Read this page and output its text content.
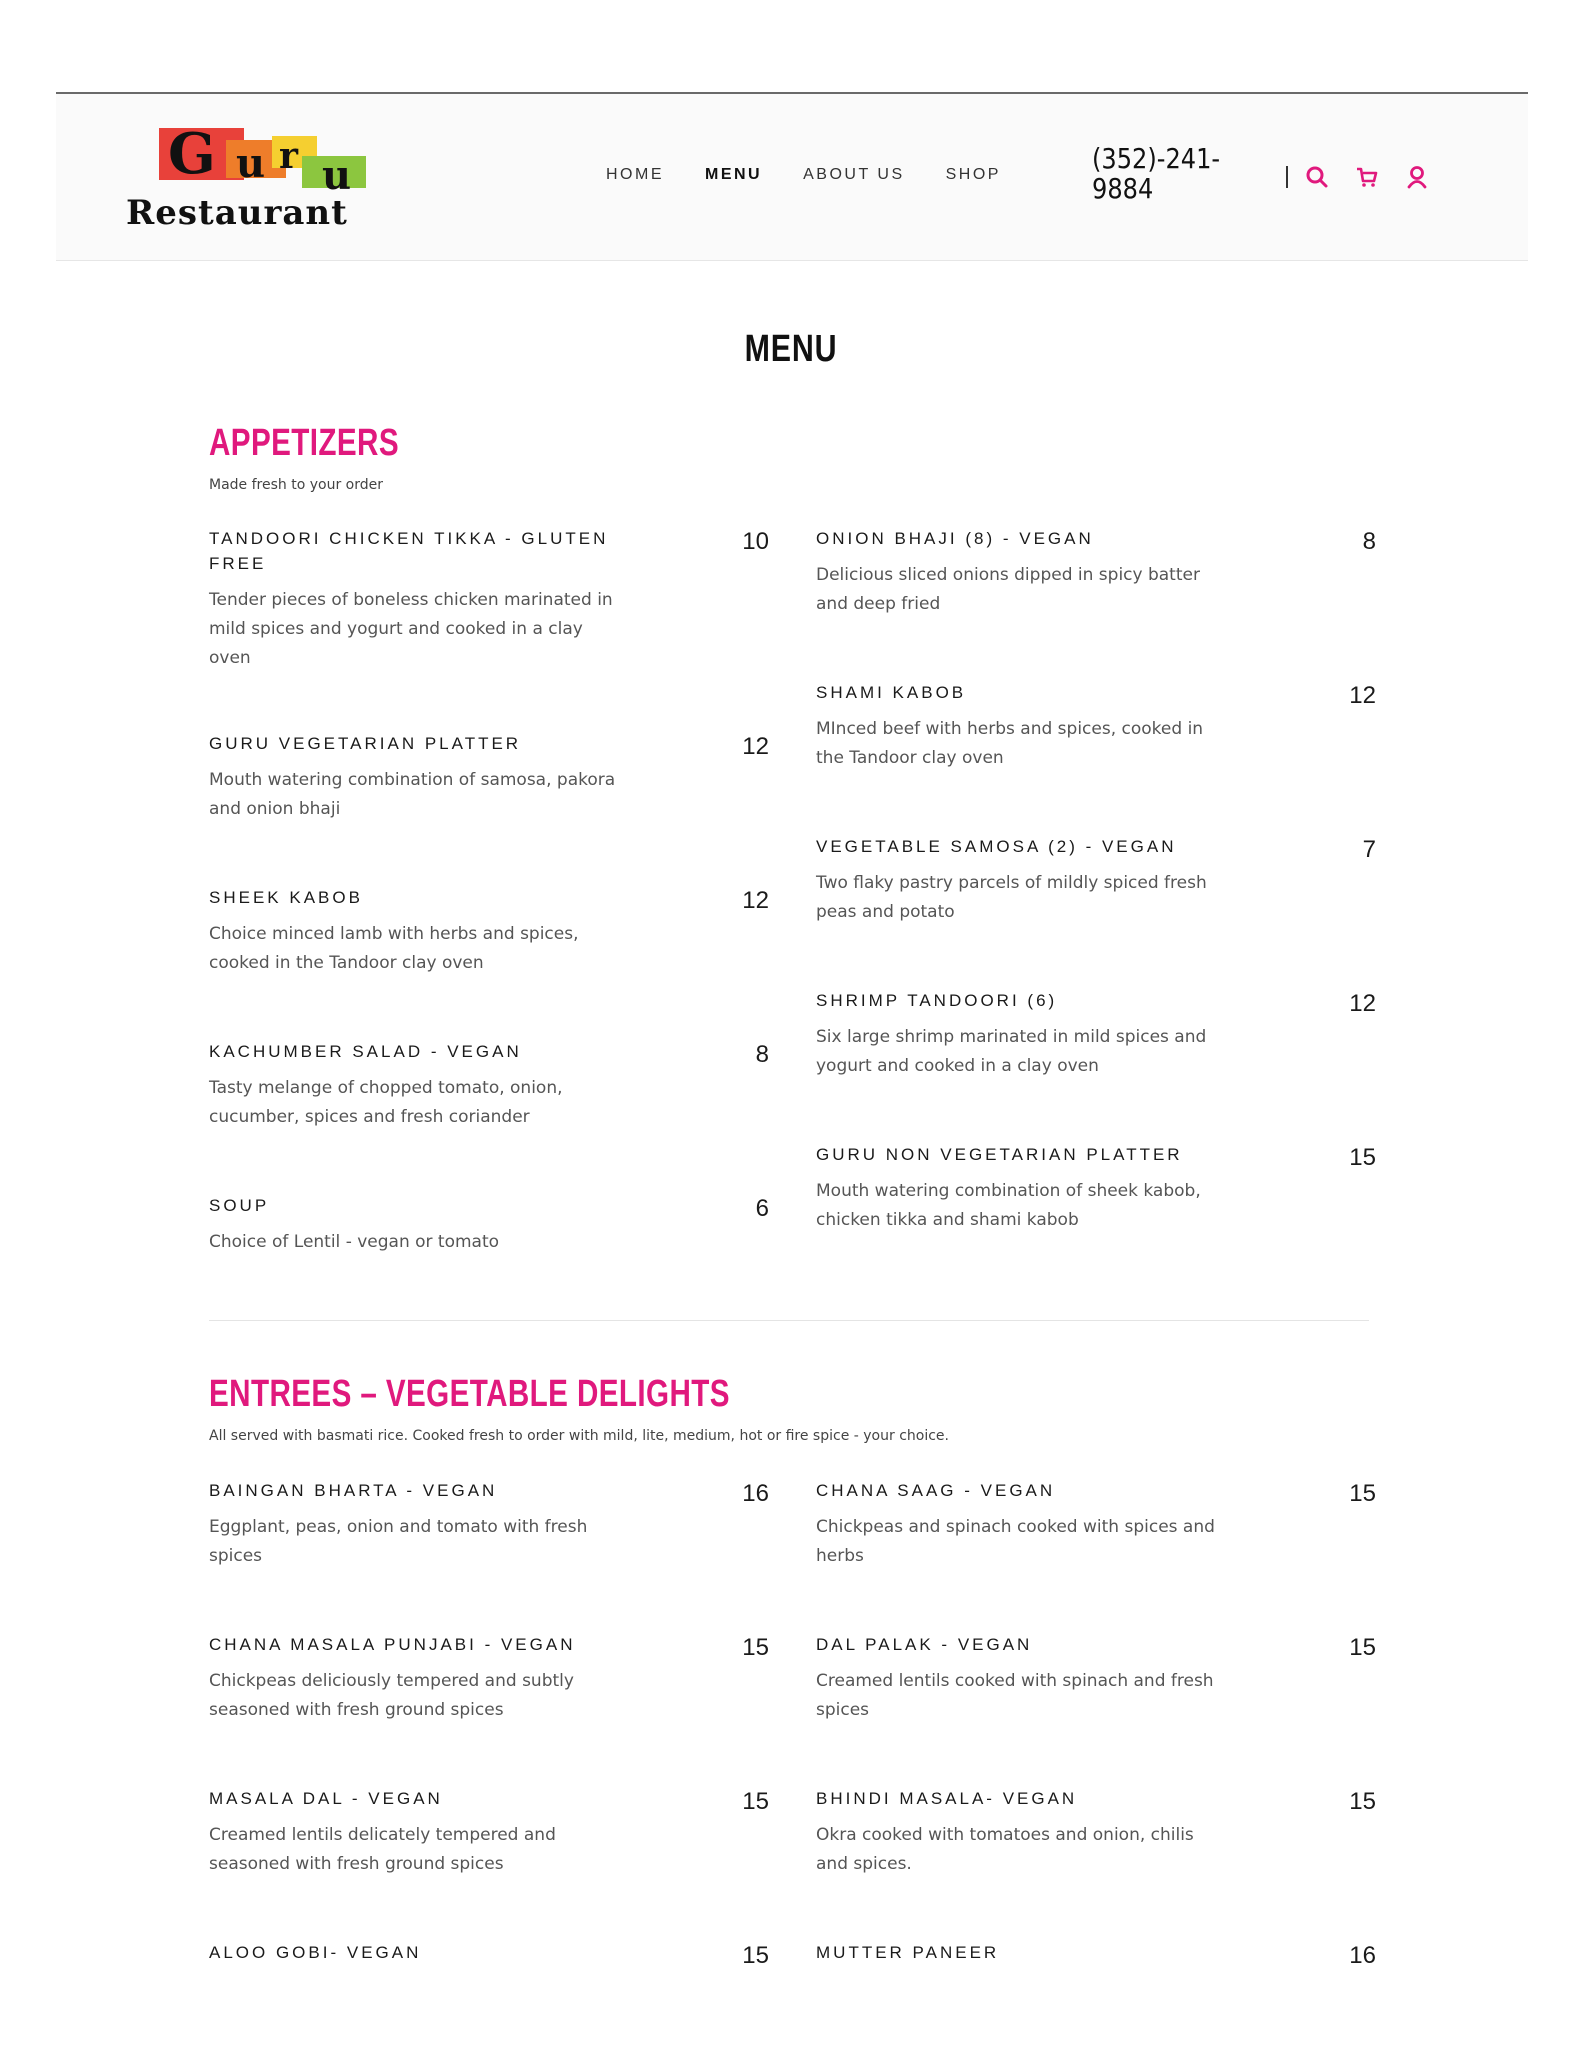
G u r u
Restaurant
HOME	MENU	ABOUT US	SHOP	(352)-241-9884
MENU
APPETIZERS
Made fresh to your order
TANDOORI CHICKEN TIKKA - GLUTEN FREE
10
Tender pieces of boneless chicken marinated in mild spices and yogurt and cooked in a clay oven
GURU VEGETARIAN PLATTER	12
Mouth watering combination of samosa, pakora and onion bhaji
SHEEK KABOB	12
Choice minced lamb with herbs and spices, cooked in the Tandoor clay oven
KACHUMBER SALAD - VEGAN	8
Tasty melange of chopped tomato, onion, cucumber, spices and fresh coriander
SOUP	6
Choice of Lentil - vegan or tomato
ONION BHAJI (8) - VEGAN	8
Delicious sliced onions dipped in spicy batter and deep fried
SHAMI KABOB	12
MInced beef with herbs and spices, cooked in the Tandoor clay oven
VEGETABLE SAMOSA (2) - VEGAN	7
Two flaky pastry parcels of mildly spiced fresh peas and potato
SHRIMP TANDOORI (6)	12
Six large shrimp marinated in mild spices and yogurt and cooked in a clay oven
GURU NON VEGETARIAN PLATTER	15
Mouth watering combination of sheek kabob, chicken tikka and shami kabob
ENTREES – VEGETABLE DELIGHTS
All served with basmati rice. Cooked fresh to order with mild, lite, medium, hot or fire spice - your choice.
BAINGAN BHARTA - VEGAN	16
Eggplant, peas, onion and tomato with fresh spices
CHANA MASALA PUNJABI - VEGAN	15
Chickpeas deliciously tempered and subtly seasoned with fresh ground spices
MASALA DAL - VEGAN	15
Creamed lentils delicately tempered and seasoned with fresh ground spices
ALOO GOBI- VEGAN	15
CHANA SAAG - VEGAN	15
Chickpeas and spinach cooked with spices and herbs
DAL PALAK - VEGAN	15
Creamed lentils cooked with spinach and fresh spices
BHINDI MASALA- VEGAN	15
Okra cooked with tomatoes and onion, chilis and spices.
MUTTER PANEER	16
